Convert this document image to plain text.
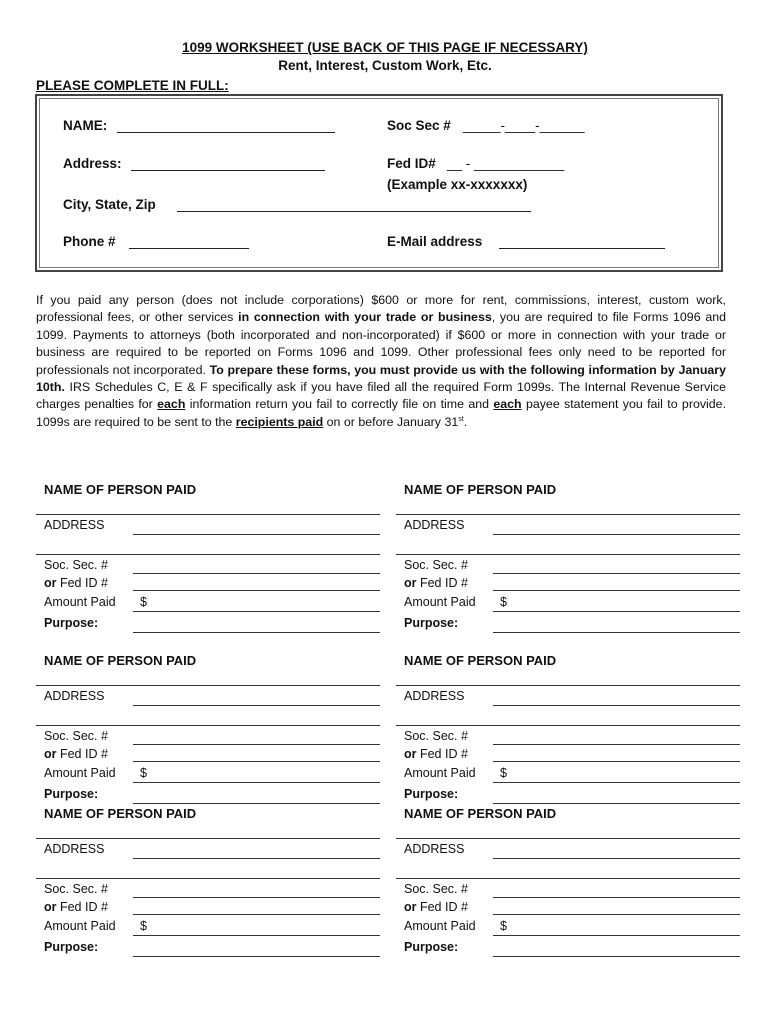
1099 WORKSHEET (USE BACK OF THIS PAGE IF NECESSARY)
Rent, Interest, Custom Work, Etc.
PLEASE COMPLETE IN FULL:
NAME:	Soc Sec # _____-____-______
Address:	Fed ID# __ - ____________
(Example xx-xxxxxxx)
City, State, Zip
Phone #	E-Mail address
If you paid any person (does not include corporations) $600 or more for rent, commissions, interest, custom work, professional fees, or other services in connection with your trade or business, you are required to file Forms 1096 and 1099. Payments to attorneys (both incorporated and non-incorporated) if $600 or more in connection with your trade or business are required to be reported on Forms 1096 and 1099. Other professional fees only need to be reported for professionals not incorporated. To prepare these forms, you must provide us with the following information by January 10th. IRS Schedules C, E & F specifically ask if you have filed all the required Form 1099s. The Internal Revenue Service charges penalties for each information return you fail to correctly file on time and each payee statement you fail to provide. 1099s are required to be sent to the recipients paid on or before January 31st.
NAME OF PERSON PAID
ADDRESS
Soc. Sec. #
or Fed ID #
Amount Paid $
Purpose:
NAME OF PERSON PAID
ADDRESS
Soc. Sec. #
or Fed ID #
Amount Paid $
Purpose:
NAME OF PERSON PAID
ADDRESS
Soc. Sec. #
or Fed ID #
Amount Paid $
Purpose:
NAME OF PERSON PAID
ADDRESS
Soc. Sec. #
or Fed ID #
Amount Paid $
Purpose:
NAME OF PERSON PAID
ADDRESS
Soc. Sec. #
or Fed ID #
Amount Paid $
Purpose:
NAME OF PERSON PAID
ADDRESS
Soc. Sec. #
or Fed ID #
Amount Paid $
Purpose:
